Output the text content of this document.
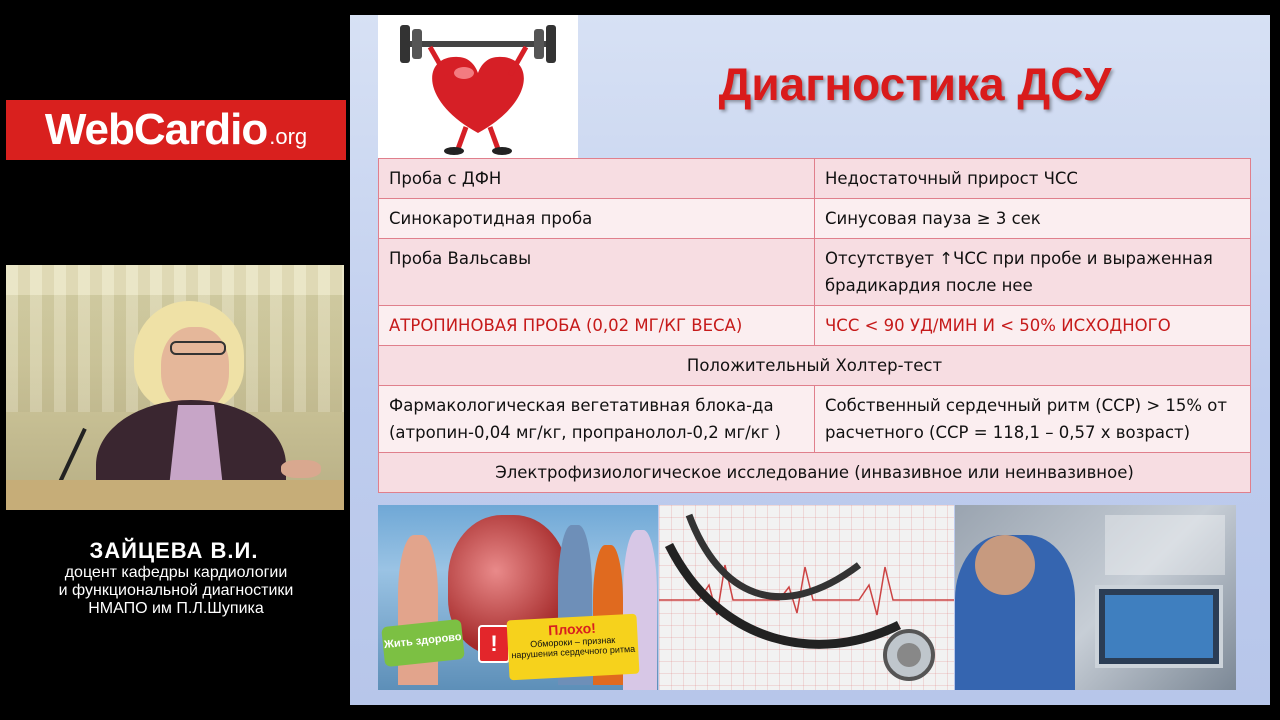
WebCardio .org
ЗАЙЦЕВА В.И.
доцент кафедры кардиологии
и функциональной диагностики
НМАПО им П.Л.Шупика
Диагностика ДСУ
Проба с ДФН	Недостаточный прирост ЧСС
Синокаротидная проба	Синусовая пауза ≥ 3 сек
Проба Вальсавы	Отсутствует ↑ЧСС при пробе и выраженная брадикардия после нее
АТРОПИНОВАЯ ПРОБА (0,02 МГ/КГ ВЕСА)	ЧСС < 90 УД/МИН И < 50% ИСХОДНОГО
Положительный Холтер-тест	
Фармакологическая вегетативная блока-да (атропин-0,04 мг/кг, пропранолол-0,2 мг/кг )	Собственный сердечный ритм (ССР) > 15% от расчетного (ССР = 118,1 – 0,57 x возраст)
Электрофизиологическое исследование (инвазивное или неинвазивное)	
Жить здорово	!
Плохо!
Обмороки – признак нарушения сердечного ритма
